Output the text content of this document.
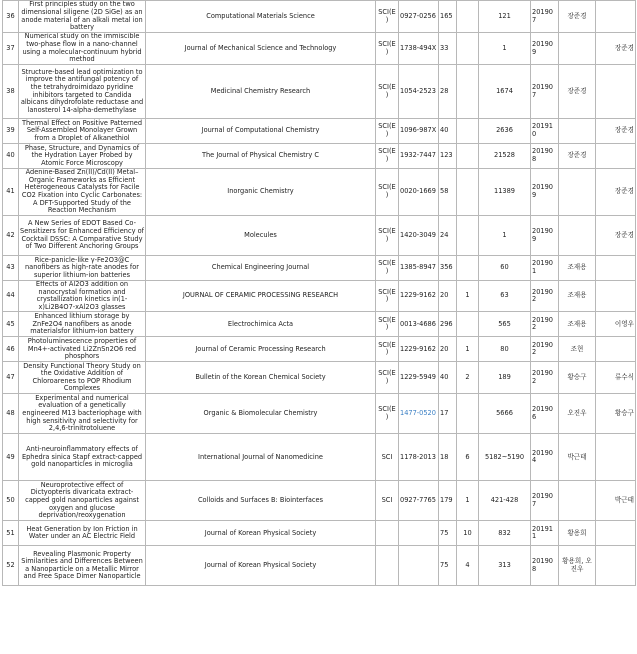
36	First principles study on the two dimensional siligene (2D SiGe) as an anode material of an alkali metal ion battery	Computational Materials Science	SCI(E)	0927-0256	165		121	201907	장준경	
37	Numerical study on the immiscible two-phase flow in a nano-channel using a molecular-continuum hybrid method	Journal of Mechanical Science and Technology	SCI(E)	1738-494X	33		1	201909		장준경
38	Structure-based lead optimization to improve the antifungal potency of the tetrahydroimidazo pyridine inhibitors targeted to Candida albicans dihydrofolate reductase and lanosterol 14-alpha-demethylase	Medicinal Chemistry Research	SCI(E)	1054-2523	28		1674	201907	장준경	
39	Thermal Effect on Positive Patterned Self-Assembled Monolayer Grown from a Droplet of Alkanethiol	Journal of Computational Chemistry	SCI(E)	1096-987X	40		2636	201910		장준경
40	Phase, Structure, and Dynamics of the Hydration Layer Probed by Atomic Force Microscopy	The Journal of Physical Chemistry C	SCI(E)	1932-7447	123		21528	201908	장준경	
41	Adenine-Based Zn(II)/Cd(II) Metal–Organic Frameworks as Efficient Heterogeneous Catalysts for Facile CO2 Fixation into Cyclic Carbonates: A DFT-Supported Study of the Reaction Mechanism	Inorganic Chemistry	SCI(E)	0020-1669	58		11389	201909		장준경
42	A New Series of EDOT Based Co-Sensitizers for Enhanced Efficiency of Cocktail DSSC: A Comparative Study of Two Different Anchoring Groups	Molecules	SCI(E)	1420-3049	24		1	201909		장준경
43	Rice-panicle-like γ-Fe2O3@C nanofibers as high-rate anodes for superior lithium-ion batteries	Chemical Engineering Journal	SCI(E)	1385-8947	356		60	201901	조재용	
44	Effects of Al2O3 addition on nanocrystal formation and crystallization kinetics in(1-x)Li2B4O7-xAl2O3 glasses	JOURNAL OF CERAMIC PROCESSING RESEARCH	SCI(E)	1229-9162	20	1	63	201902	조재용	
45	Enhanced lithium storage by ZnFe2O4 nanofibers as anode materialsfor lithium-ion battery	Electrochimica Acta	SCI(E)	0013-4686	296		565	201902	조재용	이영우
46	Photoluminescence properties of Mn4+-activated Li2ZnSn2O6 red phosphors	Journal of Ceramic Processing Research	SCI(E)	1229-9162	20	1	80	201902	조현	
47	Density Functional Theory Study on the Oxidative Addition of Chloroarenes to POP Rhodium Complexes	Bulletin of the Korean Chemical Society	SCI(E)	1229-5949	40	2	189	201902	황승구	류수식
48	Experimental and numerical evaluation of a genetically engineered M13 bacteriophage with high sensitivity and selectivity for 2,4,6-trinitrotoluene	Organic & Biomolecular Chemistry	SCI(E)	1477-0520	17		5666	201906	오진우	황승구
49	Anti-neuroinflammatory effects of Ephedra sinica Stapf extract-capped gold nanoparticles in microglia	International Journal of Nanomedicine	SCI	1178-2013	18	6	5182~5190	201904	박근태	
50	Neuroprotective effect of Dictyopteris divaricata extract-capped gold nanoparticles against oxygen and glucose deprivation/reoxygenation	Colloids and Surfaces B: Biointerfaces	SCI	0927-7765	179	1	421-428	201907		박근태
51	Heat Generation by Ion Friction in Water under an AC Electric Field	Journal of Korean Physical Society			75	10	832	201911	황용희	
52	Revealing Plasmonic Property Similarities and Differences Between a Nanoparticle on a Metallic Mirror and Free Space Dimer Nanoparticle	Journal of Korean Physical Society			75	4	313	201908	황용희, 오진우	
